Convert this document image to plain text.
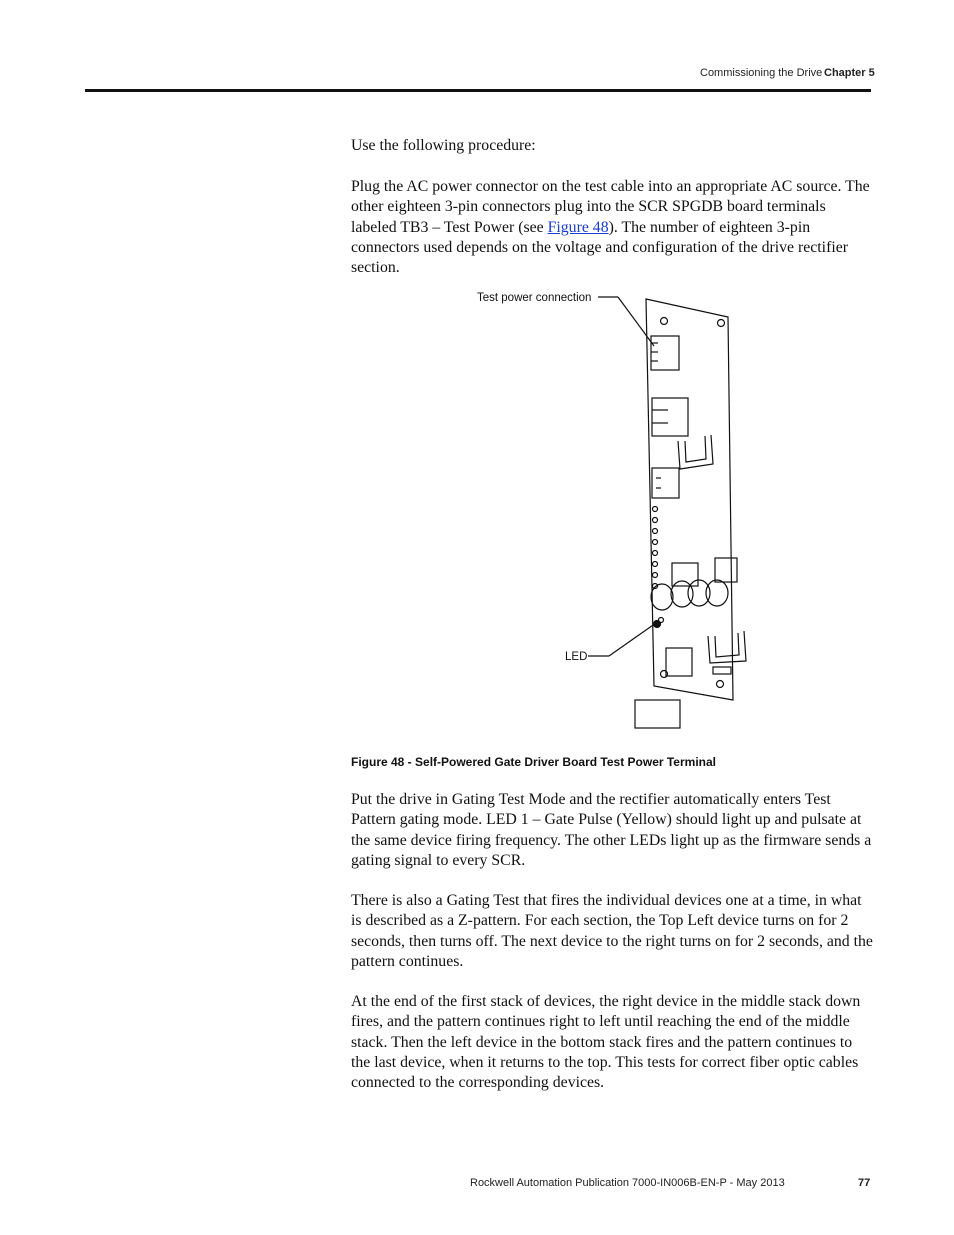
Commissioning the Drive Chapter 5

Use the following procedure:

Plug the AC power connector on the test cable into an appropriate AC source. The other eighteen 3-pin connectors plug into the SCR SPGDB board terminals labeled TB3 – Test Power (see Figure 48). The number of eighteen 3-pin connectors used depends on the voltage and configuration of the drive rectifier section.

Test power connection
LED
Figure 48 - Self-Powered Gate Driver Board Test Power Terminal

Put the drive in Gating Test Mode and the rectifier automatically enters Test Pattern gating mode. LED 1 – Gate Pulse (Yellow) should light up and pulsate at the same device firing frequency. The other LEDs light up as the firmware sends a gating signal to every SCR.

There is also a Gating Test that fires the individual devices one at a time, in what is described as a Z-pattern. For each section, the Top Left device turns on for 2 seconds, then turns off. The next device to the right turns on for 2 seconds, and the pattern continues.

At the end of the first stack of devices, the right device in the middle stack down fires, and the pattern continues right to left until reaching the end of the middle stack. Then the left device in the bottom stack fires and the pattern continues to the last device, when it returns to the top. This tests for correct fiber optic cables connected to the corresponding devices.

Rockwell Automation Publication 7000-IN006B-EN-P - May 2013	77
